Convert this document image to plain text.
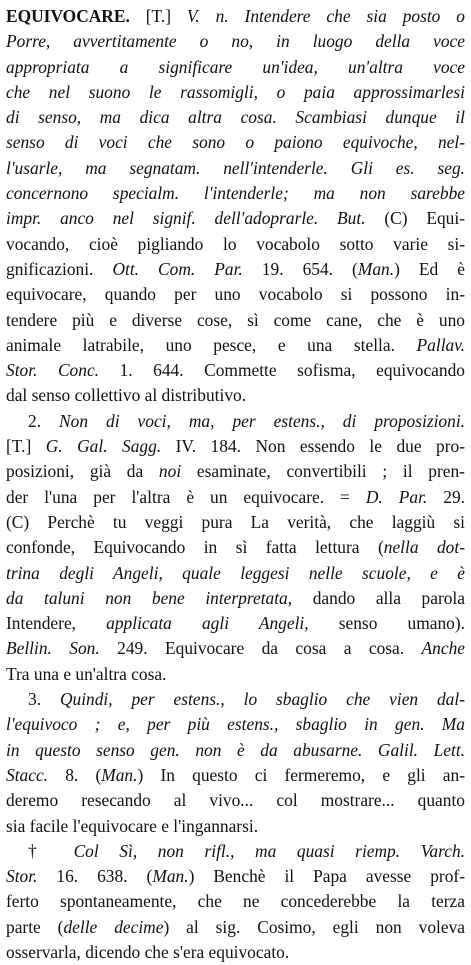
EQUIVOCARE. [T.] V. n. Intendere che sia posto o
Porre, avvertitamente o no, in luogo della voce
appropriata a significare un'idea, un'altra voce
che nel suono le rassomigli, o paia approssimarlesi
di senso, ma dica altra cosa. Scambiasi dunque il
senso di voci che sono o paiono equivoche, nel-
l'usarle, ma segnatam. nell'intenderle. Gli es. seg.
concernono specialm. l'intenderle; ma non sarebbe
impr. anco nel signif. dell'adoprarle. But. (C) Equi-
vocando, cioè pigliando lo vocabolo sotto varie si-
gnificazioni. Ott. Com. Par. 19. 654. (Man.) Ed è
equivocare, quando per uno vocabolo si possono in-
tendere più e diverse cose, sì come cane, che è uno
animale latrabile, uno pesce, e una stella. Pallav.
Stor. Conc. 1. 644. Commette sofisma, equivocando
dal senso collettivo al distributivo.
2. Non di voci, ma, per estens., di proposizioni.
[T.] G. Gal. Sagg. IV. 184. Non essendo le due pro-
posizioni, già da noi esaminate, convertibili ; il pren-
der l'una per l'altra è un equivocare. = D. Par. 29.
(C) Perchè tu veggi pura La verità, che laggiù si
confonde, Equivocando in sì fatta lettura (nella dot-
trina degli Angeli, quale leggesi nelle scuole, e è
da taluni non bene interpretata, dando alla parola
Intendere, applicata agli Angeli, senso umano).
Bellin. Son. 249. Equivocare da cosa a cosa. Anche
Tra una e un'altra cosa.
3. Quindi, per estens., lo sbaglio che vien dal-
l'equivoco ; e, per più estens., sbaglio in gen. Ma
in questo senso gen. non è da abusarne. Galil. Lett.
Stacc. 8. (Man.) In questo ci fermeremo, e gli an-
deremo resecando al vivo... col mostrare... quanto
sia facile l'equivocare e l'ingannarsi.
† Col Sì, non rifl., ma quasi riemp. Varch.
Stor. 16. 638. (Man.) Benchè il Papa avesse prof-
ferto spontaneamente, che ne concederebbe la terza
parte (delle decime) al sig. Cosimo, egli non voleva
osservarla, dicendo che s'era equivocato.
